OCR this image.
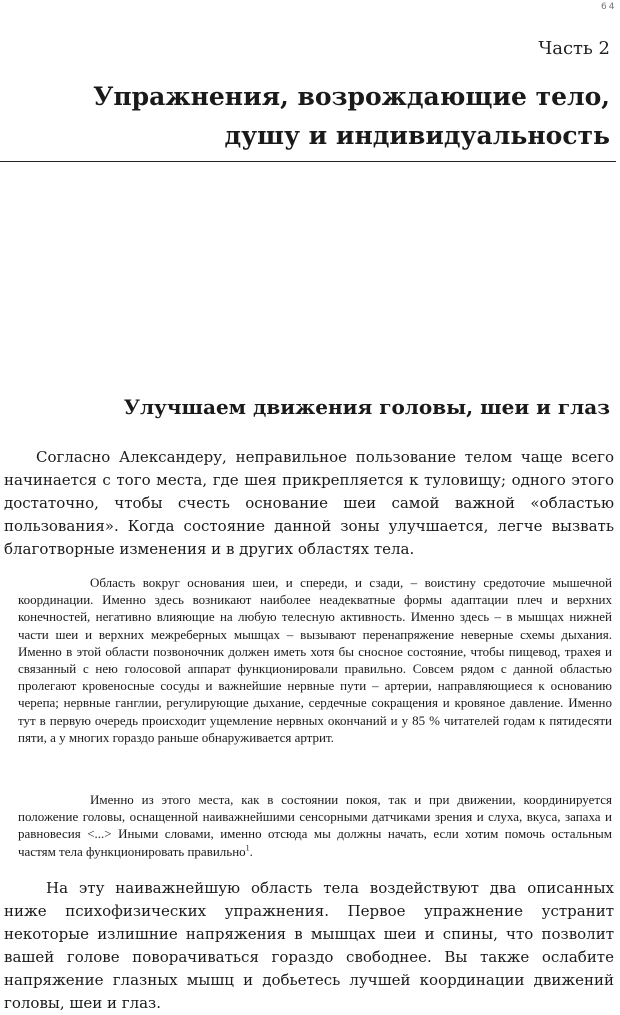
64
Часть 2
Упражнения, возрождающие тело,
душу и индивидуальность
Улучшаем движения головы, шеи и глаз

Согласно Александеру, неправильное пользование телом чаще всего начинается с того места, где шея прикрепляется к туловищу; одного этого достаточно, чтобы счесть основание шеи самой важной «областью пользования». Когда состояние данной зоны улучшается, легче вызвать благотворные изменения и в других областях тела.

Область вокруг основания шеи, и спереди, и сзади, – воистину средоточие мышечной координации. Именно здесь возникают наиболее неадекватные формы адаптации плеч и верхних конечностей, негативно влияющие на любую телесную активность. Именно здесь – в мышцах нижней части шеи и верхних межреберных мышцах – вызывают перенапряжение неверные схемы дыхания. Именно в этой области позвоночник должен иметь хотя бы сносное состояние, чтобы пищевод, трахея и связанный с нею голосовой аппарат функционировали правильно. Совсем рядом с данной областью пролегают кровеносные сосуды и важнейшие нервные пути – артерии, направляющиеся к основанию черепа; нервные ганглии, регулирующие дыхание, сердечные сокращения и кровяное давление. Именно тут в первую очередь происходит ущемление нервных окончаний и у 85 % читателей годам к пятидесяти пяти, а у многих гораздо раньше обнаруживается артрит.

Именно из этого места, как в состоянии покоя, так и при движении, координируется положение головы, оснащенной наиважнейшими сенсорными датчиками зрения и слуха, вкуса, запаха и равновесия <...> Иными словами, именно отсюда мы должны начать, если хотим помочь остальным частям тела функционировать правильно$^1$.

На эту наиважнейшую область тела воздействуют два описанных ниже психофизических упражнения. Первое упражнение устранит некоторые излишние напряжения в мышцах шеи и спины, что позволит вашей голове поворачиваться гораздо свободнее. Вы также ослабите напряжение глазных мышц и добьетесь лучшей координации движений головы, шеи и глаз.
